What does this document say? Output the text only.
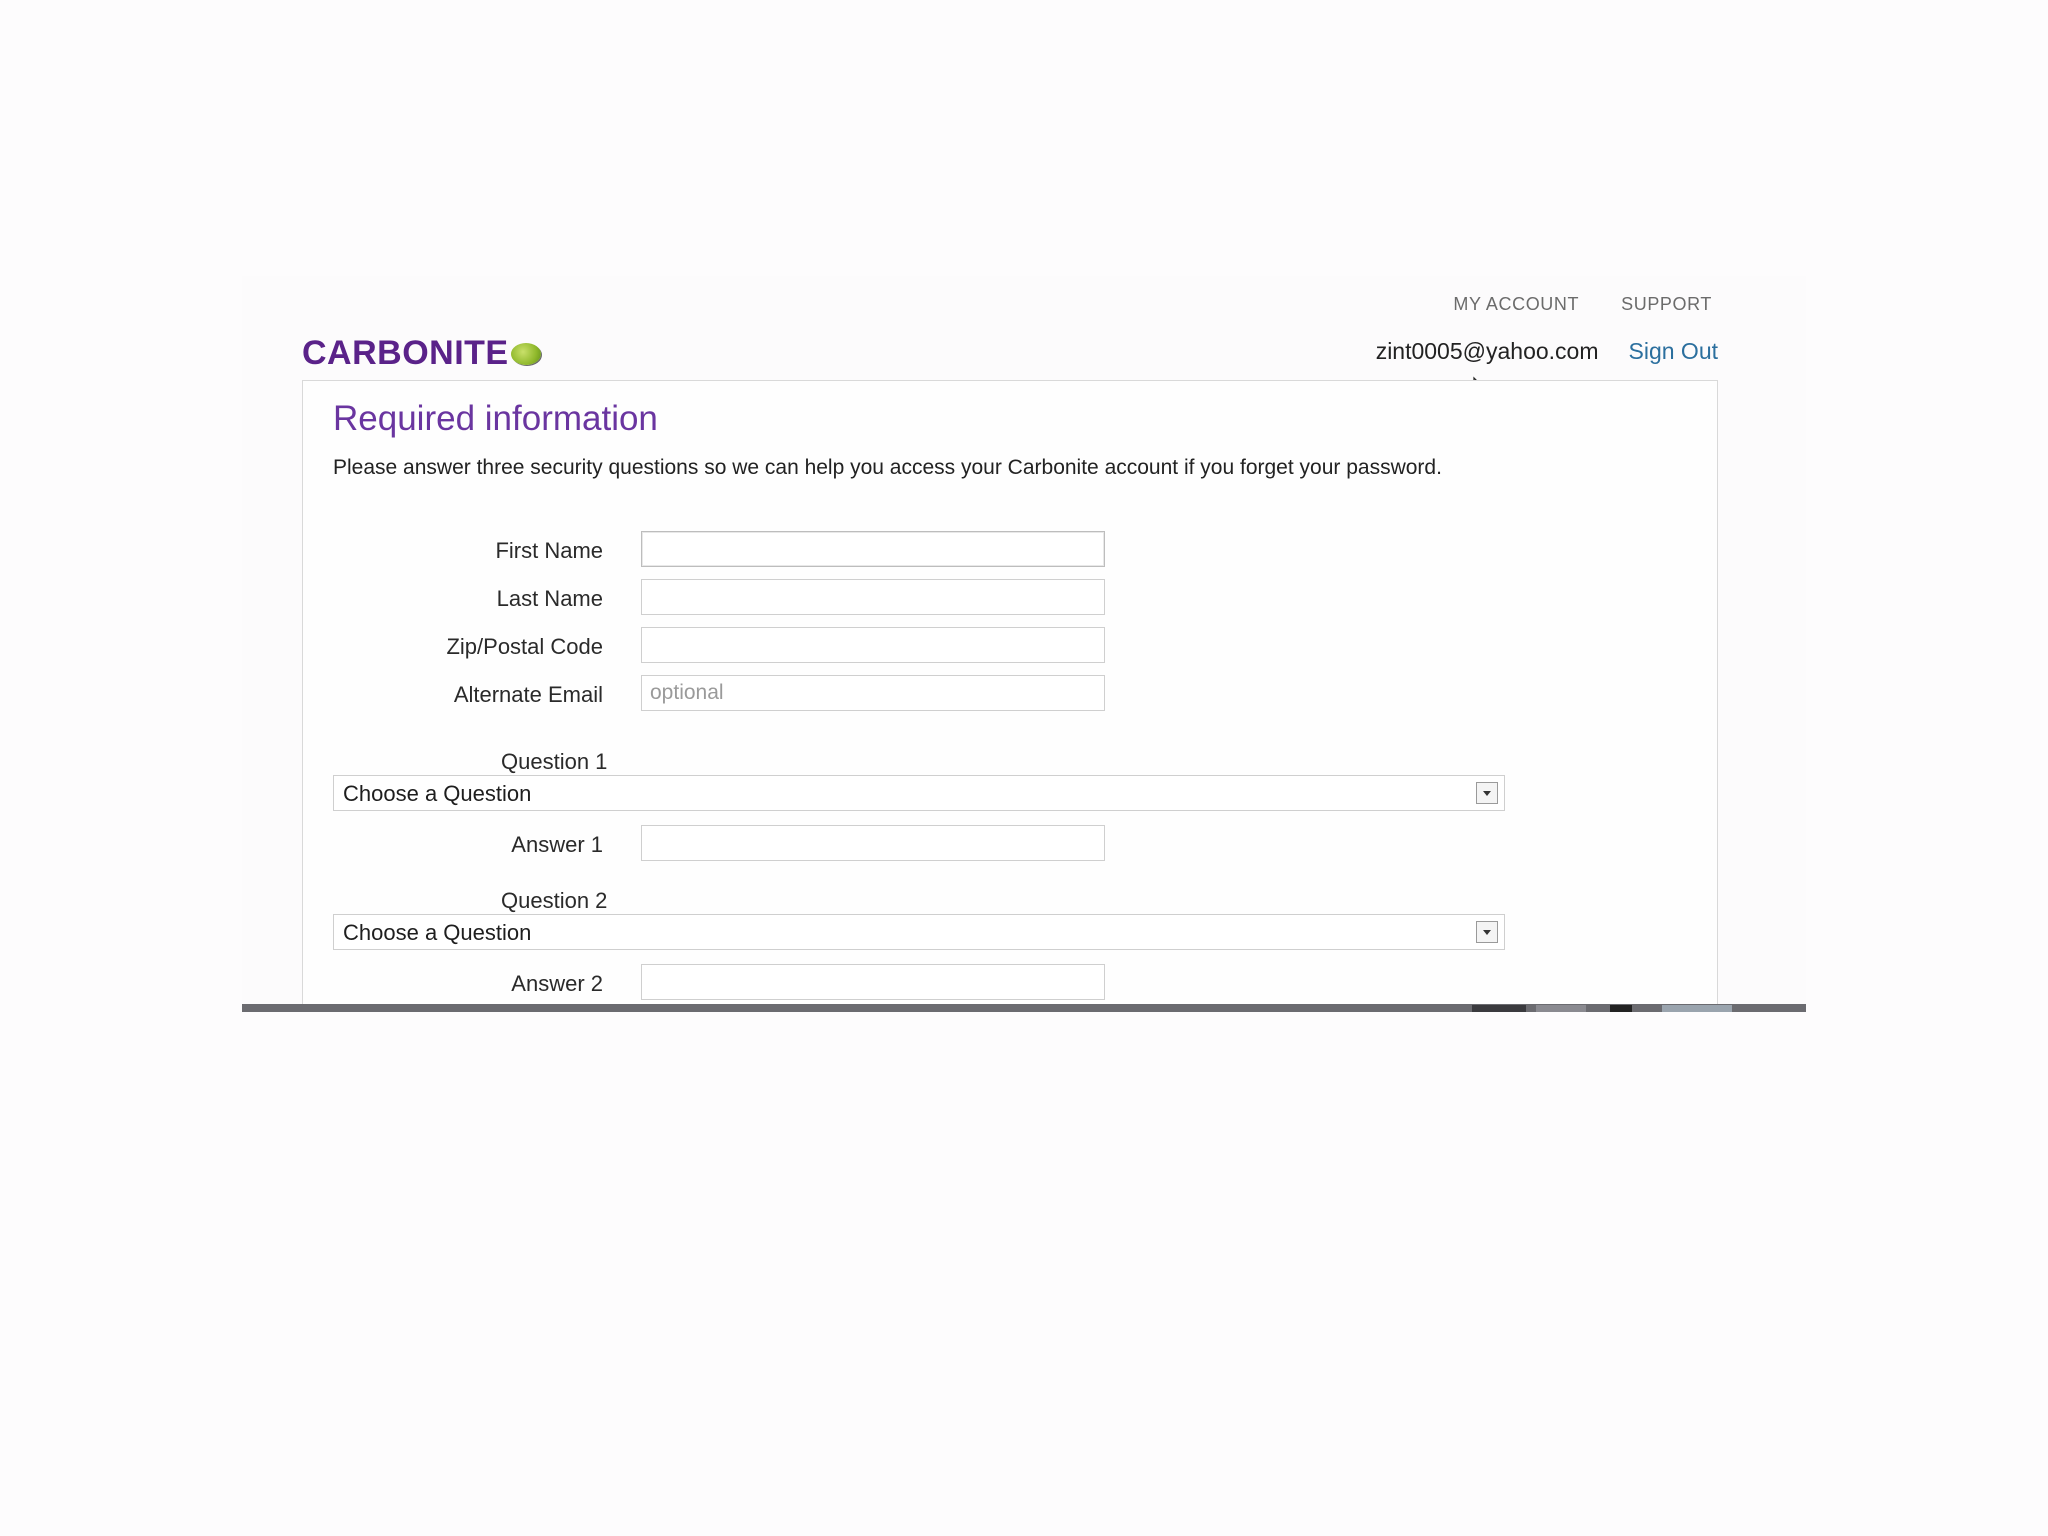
MY ACCOUNT SUPPORT
CARBONITE	zint0005@yahoo.com Sign Out
Required information

Please answer three security questions so we can help you access your Carbonite account if you forget your password.

First Name
Last Name
Zip/Postal Code
Alternate Email
optional
Question 1
Choose a Question
Answer 1
Question 2
Choose a Question
Answer 2
